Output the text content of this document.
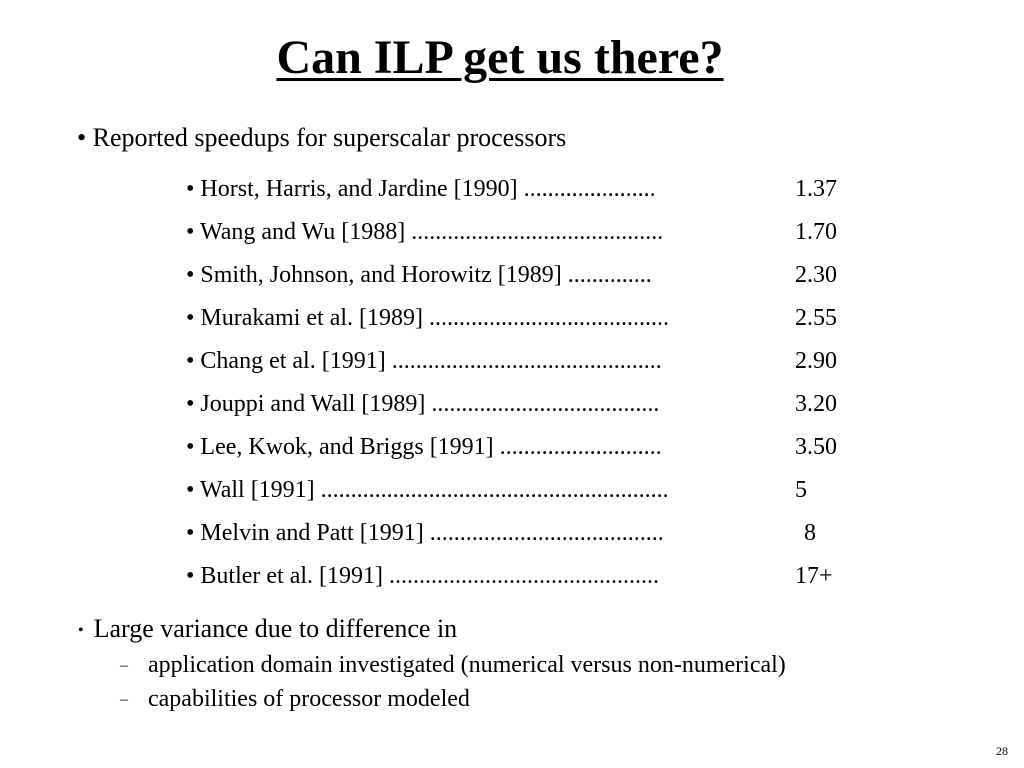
Can ILP get us there?
• Reported speedups for superscalar processors
• Horst, Harris, and Jardine [1990] ......................	1.37
• Wang and Wu [1988] ..........................................	1.70
• Smith, Johnson, and Horowitz [1989] ..............	2.30
• Murakami et al. [1989] ........................................	2.55
• Chang et al. [1991] .............................................	2.90
• Jouppi and Wall [1989] ......................................	3.20
• Lee, Kwok, and Briggs [1991] ...........................	3.50
• Wall [1991] ..........................................................	5
• Melvin and Patt [1991] .......................................	8
• Butler et al. [1991] .............................................	17+
• Large variance due to difference in
– application domain investigated (numerical versus non-numerical)
– capabilities of processor modeled
28
